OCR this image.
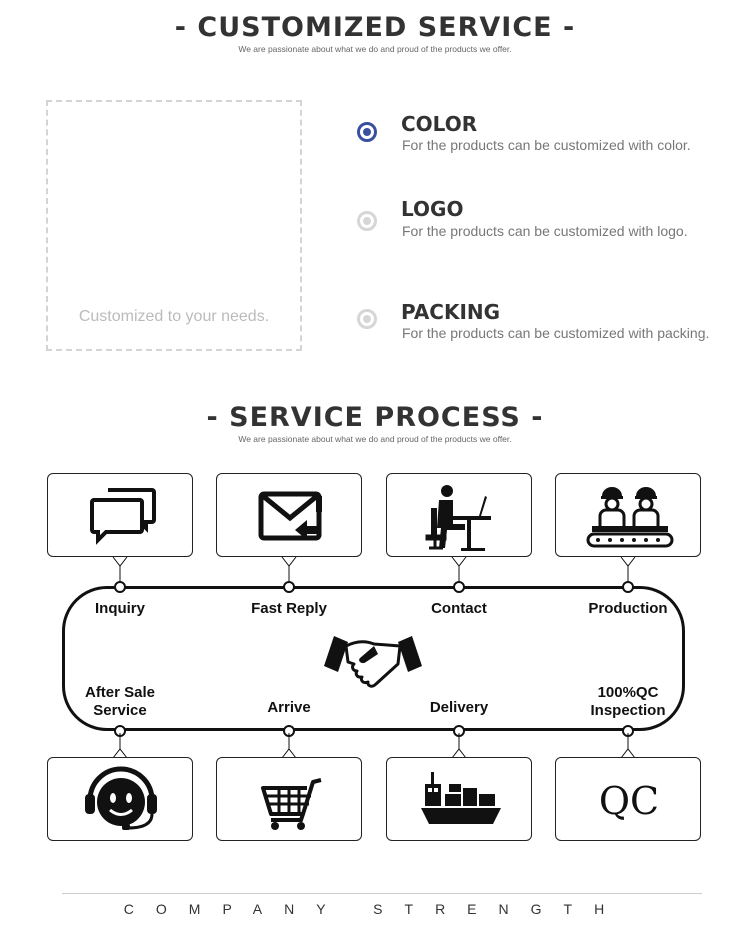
- CUSTOMIZED SERVICE -

We are passionate about what we do and proud of the products we offer.

Customized to your needs.
COLOR
For the products can be customized with color.
LOGO
For the products can be customized with logo.
PACKING
For the products can be customized with packing.
- SERVICE PROCESS -

We are passionate about what we do and proud of the products we offer.

Inquiry	Fast Reply	Contact	Production
After Sale Service	Arrive	Delivery
100%QC Inspection
QC
COMPANY STRENGTH
